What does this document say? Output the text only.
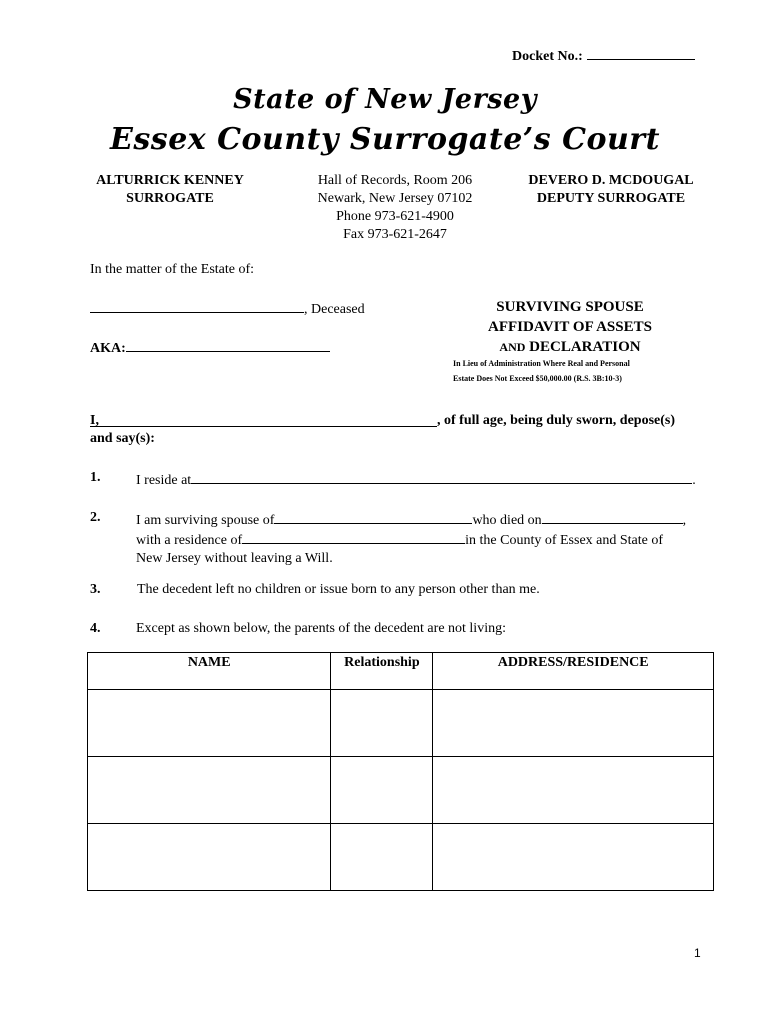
Docket No.:
State of New Jersey
Essex County Surrogate’s Court
ALTURRICK KENNEY
SURROGATE
Hall of Records, Room 206
Newark, New Jersey 07102
Phone 973-621-4900
Fax 973-621-2647
DEVERO D. MCDOUGAL
DEPUTY SURROGATE
In the matter of the Estate of:
, Deceased
AKA:
SURVIVING SPOUSE
AFFIDAVIT OF ASSETS
AND DECLARATION
In Lieu of Administration Where Real and Personal
Estate Does Not Exceed $50,000.00 (R.S. 3B:10-3)
I,	, of full age, being duly sworn, depose(s)
and say(s):
1.	I reside at	.
2.	I am surviving spouse of	who died on	,
with a residence of	in the County of Essex and State of
New Jersey without leaving a Will.
3.	The decedent left no children or issue born to any person other than me.
4.	Except as shown below, the parents of the decedent are not living:
NAME	Relationship	ADDRESS/RESIDENCE

1
